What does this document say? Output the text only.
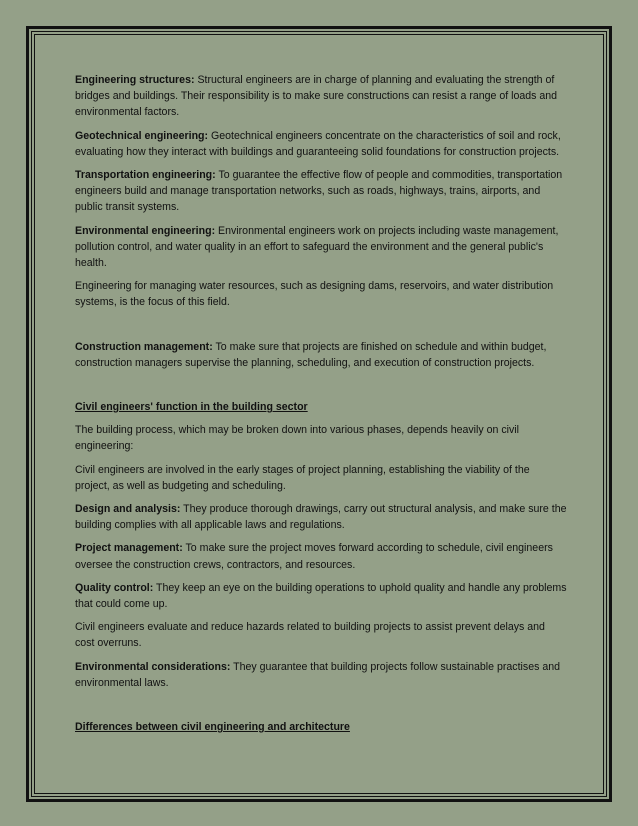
Engineering structures: Structural engineers are in charge of planning and evaluating the strength of bridges and buildings. Their responsibility is to make sure constructions can resist a range of loads and environmental factors.

Geotechnical engineering: Geotechnical engineers concentrate on the characteristics of soil and rock, evaluating how they interact with buildings and guaranteeing solid foundations for construction projects.

Transportation engineering: To guarantee the effective flow of people and commodities, transportation engineers build and manage transportation networks, such as roads, highways, trains, airports, and public transit systems.

Environmental engineering: Environmental engineers work on projects including waste management, pollution control, and water quality in an effort to safeguard the environment and the general public's health.

Engineering for managing water resources, such as designing dams, reservoirs, and water distribution systems, is the focus of this field.

Construction management: To make sure that projects are finished on schedule and within budget, construction managers supervise the planning, scheduling, and execution of construction projects.

Civil engineers' function in the building sector

The building process, which may be broken down into various phases, depends heavily on civil engineering:

Civil engineers are involved in the early stages of project planning, establishing the viability of the project, as well as budgeting and scheduling.

Design and analysis: They produce thorough drawings, carry out structural analysis, and make sure the building complies with all applicable laws and regulations.

Project management: To make sure the project moves forward according to schedule, civil engineers oversee the construction crews, contractors, and resources.

Quality control: They keep an eye on the building operations to uphold quality and handle any problems that could come up.

Civil engineers evaluate and reduce hazards related to building projects to assist prevent delays and cost overruns.

Environmental considerations: They guarantee that building projects follow sustainable practises and environmental laws.

Differences between civil engineering and architecture
